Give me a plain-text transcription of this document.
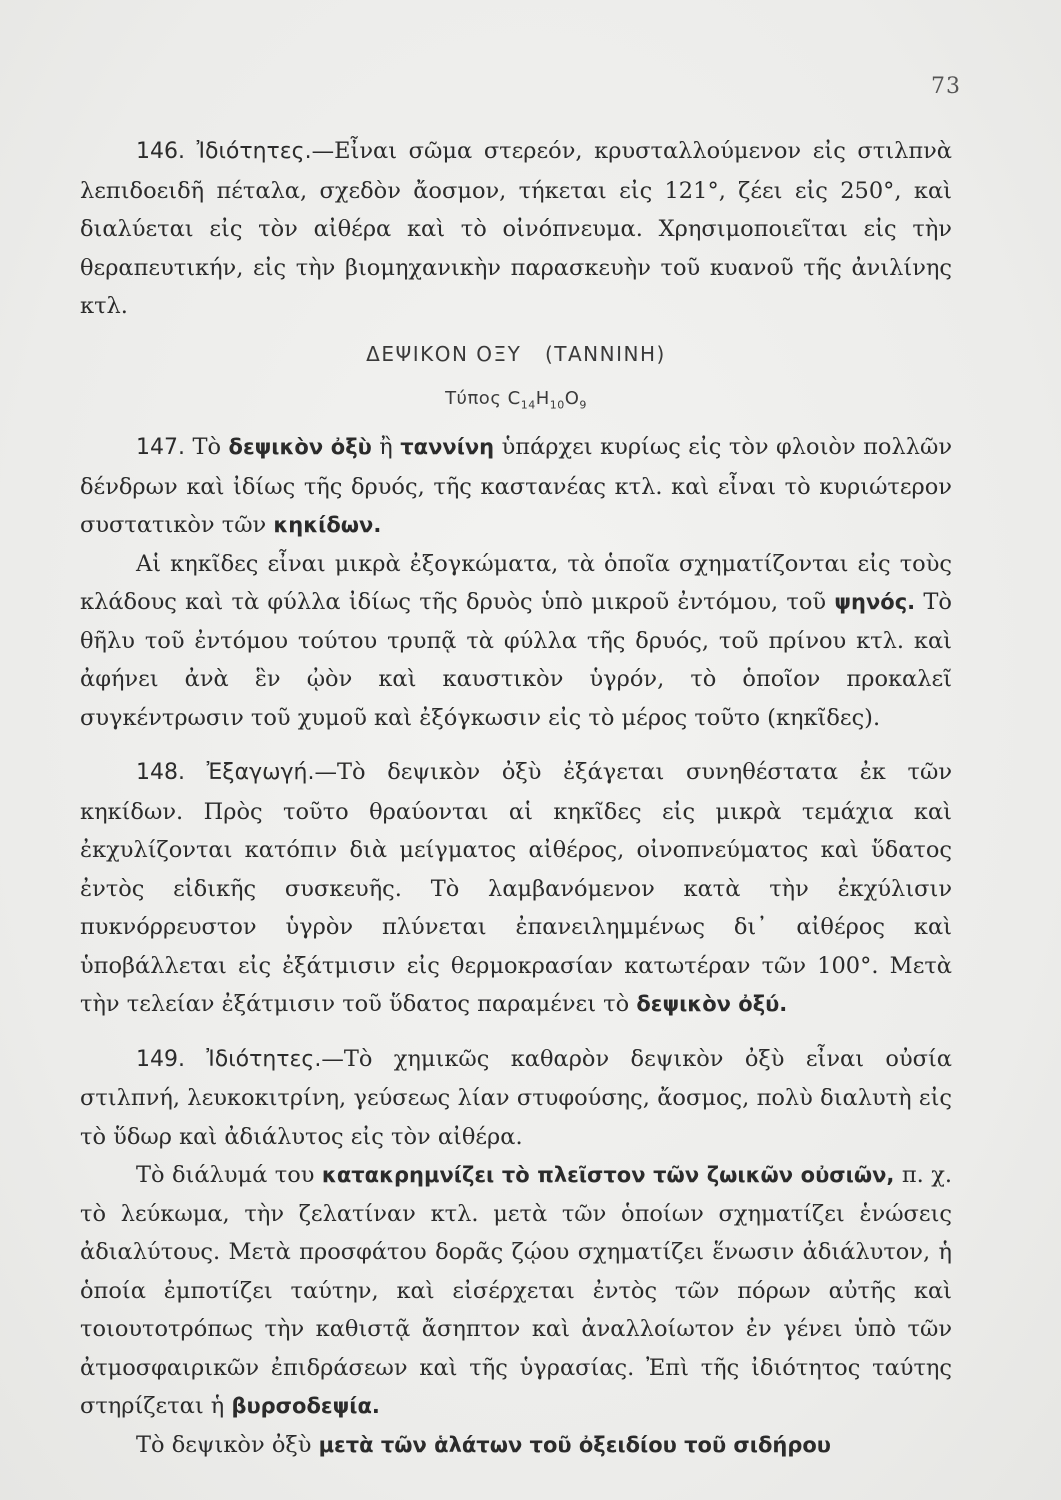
73

146. Ἰδιότητες.—Εἶναι σῶμα στερεόν, κρυσταλλούμενον εἰς στιλπνὰ λεπιδοειδῆ πέταλα, σχεδὸν ἄοσμον, τήκεται εἰς 121°, ζέει εἰς 250°, καὶ διαλύεται εἰς τὸν αἰθέρα καὶ τὸ οἰνόπνευμα. Χρησιμοποιεῖται εἰς τὴν θεραπευτικήν, εἰς τὴν βιομηχανικὴν παρασκευὴν τοῦ κυανοῦ τῆς ἀνιλίνης κτλ.

ΔΕΨΙΚΟΝ ΟΞΥ (ΤΑΝΝΙΝΗ)
Τύπος $C_{14}H_{10}O_9$

147. Τὸ δεψικὸν ὀξὺ ἢ ταννίνη ὑπάρχει κυρίως εἰς τὸν φλοιὸν πολλῶν δένδρων καὶ ἰδίως τῆς δρυός, τῆς καστανέας κτλ. καὶ εἶναι τὸ κυριώτερον συστατικὸν τῶν κηκίδων.

Αἱ κηκῖδες εἶναι μικρὰ ἐξογκώματα, τὰ ὁποῖα σχηματίζονται εἰς τοὺς κλάδους καὶ τὰ φύλλα ἰδίως τῆς δρυὸς ὑπὸ μικροῦ ἐντόμου, τοῦ ψηνός. Τὸ θῆλυ τοῦ ἐντόμου τούτου τρυπᾷ τὰ φύλλα τῆς δρυός, τοῦ πρίνου κτλ. καὶ ἀφήνει ἀνὰ ἓν ᾠὸν καὶ καυστικὸν ὑγρόν, τὸ ὁποῖον προκαλεῖ συγκέντρωσιν τοῦ χυμοῦ καὶ ἐξόγκωσιν εἰς τὸ μέρος τοῦτο (κηκῖδες).

148. Ἐξαγωγή.—Τὸ δεψικὸν ὀξὺ ἐξάγεται συνηθέστατα ἐκ τῶν κηκίδων. Πρὸς τοῦτο θραύονται αἱ κηκῖδες εἰς μικρὰ τεμάχια καὶ ἐκχυλίζονται κατόπιν διὰ μείγματος αἰθέρος, οἰνοπνεύματος καὶ ὕδατος ἐντὸς εἰδικῆς συσκευῆς. Τὸ λαμβανόμενον κατὰ τὴν ἐκχύλισιν πυκνόρρευστον ὑγρὸν πλύνεται ἐπανειλημμένως δι᾽ αἰθέρος καὶ ὑποβάλλεται εἰς ἐξάτμισιν εἰς θερμοκρασίαν κατωτέραν τῶν 100°. Μετὰ τὴν τελείαν ἐξάτμισιν τοῦ ὕδατος παραμένει τὸ δεψικὸν ὀξύ.

149. Ἰδιότητες.—Τὸ χημικῶς καθαρὸν δεψικὸν ὀξὺ εἶναι οὐσία στιλπνή, λευκοκιτρίνη, γεύσεως λίαν στυφούσης, ἄοσμος, πολὺ διαλυτὴ εἰς τὸ ὕδωρ καὶ ἀδιάλυτος εἰς τὸν αἰθέρα.

Τὸ διάλυμά του κατακρημνίζει τὸ πλεῖστον τῶν ζωικῶν οὐσιῶν, π. χ. τὸ λεύκωμα, τὴν ζελατίναν κτλ. μετὰ τῶν ὁποίων σχηματίζει ἑνώσεις ἀδιαλύτους. Μετὰ προσφάτου δορᾶς ζῴου σχηματίζει ἕνωσιν ἀδιάλυτον, ἡ ὁποία ἐμποτίζει ταύτην, καὶ εἰσέρχεται ἐντὸς τῶν πόρων αὐτῆς καὶ τοιουτοτρόπως τὴν καθιστᾷ ἄσηπτον καὶ ἀναλλοίωτον ἐν γένει ὑπὸ τῶν ἀτμοσφαιρικῶν ἐπιδράσεων καὶ τῆς ὑγρασίας. Ἐπὶ τῆς ἰδιότητος ταύτης στηρίζεται ἡ βυρσοδεψία.

Τὸ δεψικὸν ὀξὺ μετὰ τῶν ἁλάτων τοῦ ὀξειδίου τοῦ σιδήρου
